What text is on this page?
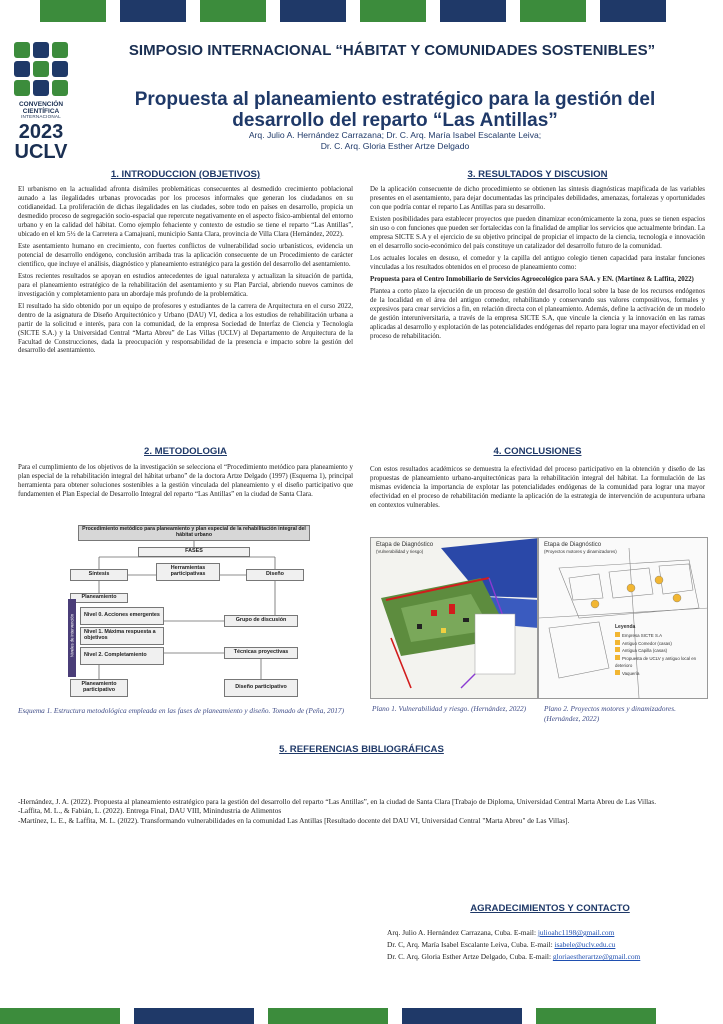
CONVENCIÓN
CIENTÍFICA
INTERNACIONAL
2023
UCLV
SIMPOSIO INTERNACIONAL “HÁBITAT Y COMUNIDADES SOSTENIBLES”
Propuesta al planeamiento estratégico para la gestión del desarrollo del reparto “Las Antillas”
Arq. Julio A. Hernández Carrazana; Dr. C. Arq. María Isabel Escalante Leiva;
Dr. C. Arq. Gloria Esther Artze Delgado
1. INTRODUCCION (OBJETIVOS)

El urbanismo en la actualidad afronta disímiles problemáticas consecuentes al desmedido crecimiento poblacional aunado a las ilegalidades urbanas provocadas por los procesos informales que generan los ciudadanos en su cotidianeidad. La proliferación de dichas ilegalidades en las ciudades, sobre todo en países en desarrollo, propicia un desmedido proceso de segregación socio-espacial que repercute negativamente en el aspecto físico-ambiental del entorno urbano y en la calidad del hábitat. Como ejemplo fehaciente y contexto de estudio se tiene el reparto “Las Antillas”, ubicado en el km 5½ de la Carretera a Camajuaní, municipio Santa Clara, provincia de Villa Clara (Hernández, 2022).

Este asentamiento humano en crecimiento, con fuertes conflictos de vulnerabilidad socio urbanísticos, evidencia un potencial de desarrollo endógeno, conclusión arribada tras la aplicación consecuente de un Procedimiento de carácter científico, que incluye el análisis, diagnóstico y planeamiento estratégico para la gestión del desarrollo del asentamiento.

Estos recientes resultados se apoyan en estudios antecedentes de igual naturaleza y actualizan la situación de partida, para el planeamiento estratégico de la rehabilitación del asentamiento y su Plan Parcial, abriendo nuevos caminos de investigación y completamiento para un abordaje más profundo de la problemática.

El resultado ha sido obtenido por un equipo de profesores y estudiantes de la carrera de Arquitectura en el curso 2022, dentro de la asignatura de Diseño Arquitectónico y Urbano (DAU) VI, dedica a los estudios de rehabilitación urbana a partir de la solicitud e interés, para con la comunidad, de la empresa Sociedad de Interfaz de Ciencia y Tecnología (SICTE S.A.) y la Universidad Central “Marta Abreu” de Las Villas (UCLV) al Departamento de Arquitectura de la Facultad de Construcciones, dada la preocupación y responsabilidad de la presencia e impacto sobre la gestión del desarrollo del asentamiento.

2. METODOLOGIA

Para el cumplimiento de los objetivos de la investigación se selecciona el “Procedimiento metódico para planeamiento y plan especial de la rehabilitación integral del hábitat urbano” de la doctora Artze Delgado (1997) (Esquema 1), principal herramienta para obtener soluciones sostenibles a la gestión vinculada del planeamiento y el diseño participativo que fundamenten el Plan Especial de Desarrollo Integral del reparto “Las Antillas” en la ciudad de Santa Clara.

Procedimiento metódico para planeamiento y plan especial de la rehabilitación integral del hábitat urbano
FASES
Síntesis
Herramientas participativas	Diseño
Planeamiento
Niveles de intervención	Nivel 0. Acciones emergentes
Nivel 1. Máxima respuesta a objetivos
Nivel 2. Completamiento
Grupo de discusión
Técnicas proyectivas
Planeamiento participativo	Diseño participativo
Esquema 1. Estructura metodológica empleada en las fases de planeamiento y diseño. Tomado de (Peña, 2017)
3. RESULTADOS Y DISCUSION

De la aplicación consecuente de dicho procedimiento se obtienen las síntesis diagnósticas mapificada de las variables presentes en el asentamiento, para dejar documentadas las principales debilidades, amenazas, fortalezas y oportunidades con que podría contar el reparto Las Antillas para su desarrollo.

Existen posibilidades para establecer proyectos que pueden dinamizar económicamente la zona, pues se tienen espacios sin uso o con funciones que pueden ser fortalecidas con la finalidad de ampliar los servicios que actualmente brindan. La empresa SICTE S.A y el ejercicio de su objetivo principal de propiciar el impacto de la ciencia, tecnología e innovación en el desarrollo socio-económico del país constituye un catalizador del desarrollo futuro de la comunidad.

Los actuales locales en desuso, el comedor y la capilla del antiguo colegio tienen capacidad para instalar funciones vinculadas a los resultados obtenidos en el proceso de planeamiento como:

Propuesta para el Centro Inmobiliario de Servicios Agroecológico para SAA. y EN. (Martínez & Laffita, 2022)

Plantea a corto plazo la ejecución de un proceso de gestión del desarrollo local sobre la base de los recursos endógenos de la localidad en el área del antiguo comedor, rehabilitando y conservando sus valores compositivos, formales y expresivos para crear servicios a fin, en relación directa con el planeamiento. Además, define la activación de un modelo de gestión interuniversitaria, a través de la empresa SICTE S.A, que vincule la ciencia y la innovación en las ramas aplicadas al desarrollo y explotación de las potencialidades endógenas del reparto para lograr una mayor efectividad en el proceso de rehabilitación.

4. CONCLUSIONES

Con estos resultados académicos se demuestra la efectividad del proceso participativo en la obtención y diseño de las propuestas de planeamiento urbano-arquitectónicas para la rehabilitación integral del hábitat. La formulación de las mismas evidencia la importancia de explotar las potencialidades endógenas de la comunidad para lograr una mayor efectividad en el proceso de rehabilitación mediante la aplicación de la estrategia de intervención de acupuntura urbana en contextos vulnerables.

Etapa de Diagnóstico
(Vulnerabilidad y riesgo)
Plano 1. Vulnerabilidad y riesgo. (Hernández, 2022)
Etapa de Diagnóstico
(Proyectos motores y dinamizadores)
Leyenda
Empresa SICTE S.A
Antiguo Comedor (casas)
Antigua Capilla (casas)
Propuesta de UCLV y antiguo local en deterioro
Vaquería
Plano 2. Proyectos motores y dinamizadores. (Hernández, 2022)
5. REFERENCIAS BIBLIOGRÁFICAS
-Hernández, J. A. (2022). Propuesta al planeamiento estratégico para la gestión del desarrollo del reparto “Las Antillas”, en la ciudad de Santa Clara [Trabajo de Diploma, Universidad Central Marta Abreu de Las Villas.
-Laffita, M. L., & Fabián, L. (2022). Entrega Final, DAU VIII, Minindustria de Alimentos
-Martínez, L. E., & Laffita, M. L. (2022). Transformando vulnerabilidades en la comunidad Las Antillas [Resultado docente del DAU VI, Universidad Central "Marta Abreu" de Las Villas].
AGRADECIMIENTOS Y CONTACTO
Arq. Julio A. Hernández Carrazana, Cuba. E-mail: julioahc1198@gmail.com
Dr. C, Arq. María Isabel Escalante Leiva, Cuba. E-mail: isabele@uclv.edu.cu
Dr. C. Arq. Gloria Esther Artze Delgado, Cuba. E-mail: gloriaestherartze@gmail.com
